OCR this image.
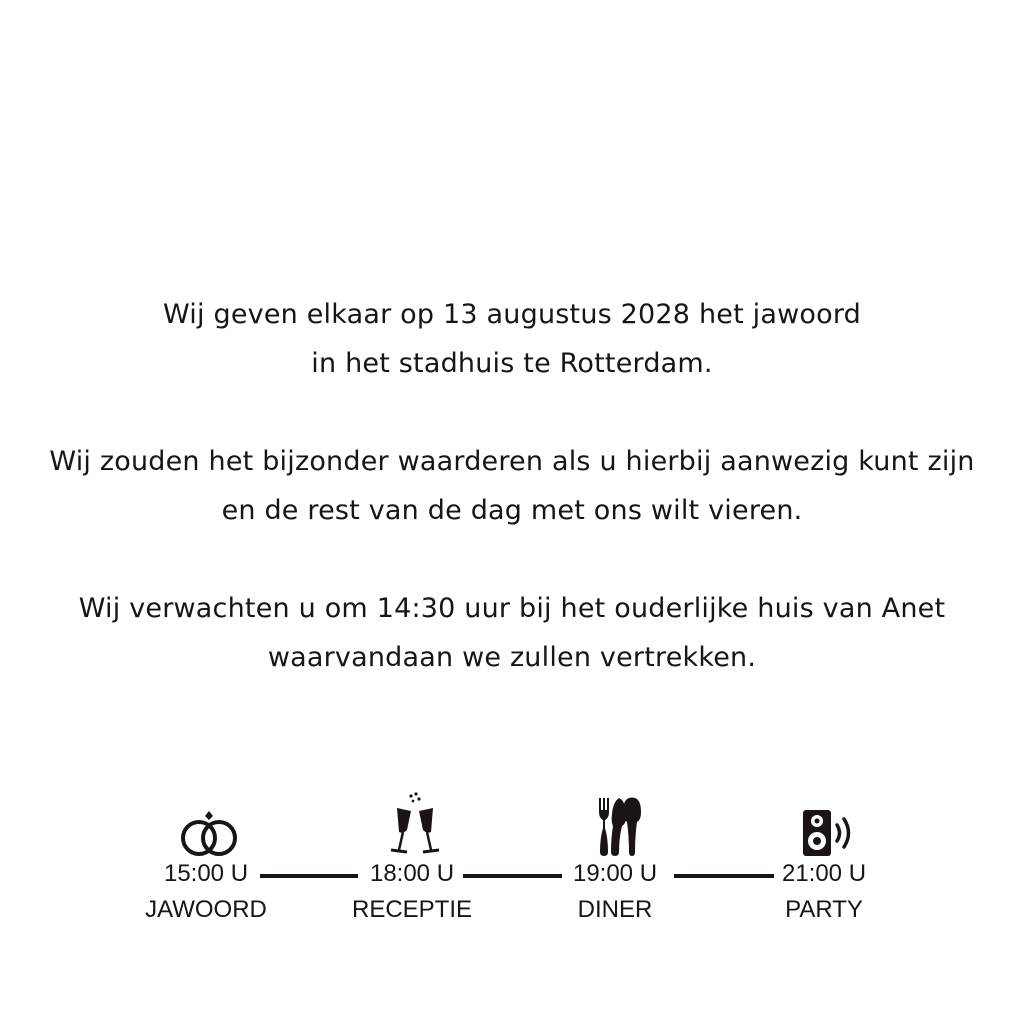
Wij geven elkaar op 13 augustus 2028 het jawoord

in het stadhuis te Rotterdam.

Wij zouden het bijzonder waarderen als u hierbij aanwezig kunt zijn

en de rest van de dag met ons wilt vieren.

Wij verwachten u om 14:30 uur bij het ouderlijke huis van Anet

waarvandaan we zullen vertrekken.

15:00 U
JAWOORD
18:00 U
RECEPTIE
19:00 U
DINER
21:00 U
PARTY
